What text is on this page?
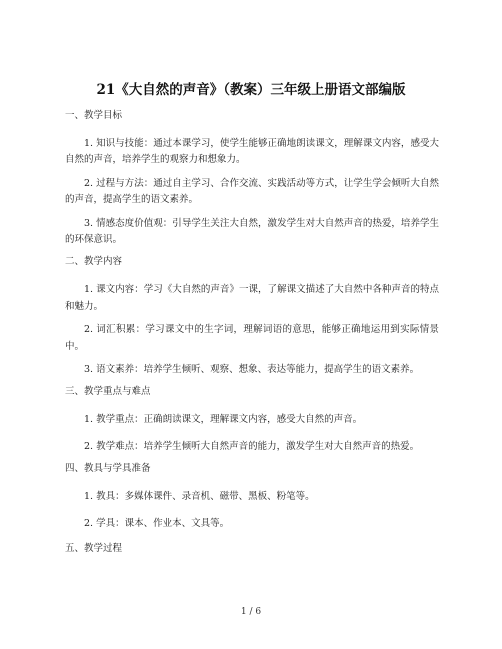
21《大自然的声音》（教案）三年级上册语文部编版
一、教学目标
1. 知识与技能：通过本课学习，使学生能够正确地朗读课文，理解课文内容，感受大自然的声音，培养学生的观察力和想象力。
2. 过程与方法：通过自主学习、合作交流、实践活动等方式，让学生学会倾听大自然的声音，提高学生的语文素养。
3. 情感态度价值观：引导学生关注大自然，激发学生对大自然声音的热爱，培养学生的环保意识。
二、教学内容
1. 课文内容：学习《大自然的声音》一课，了解课文描述了大自然中各种声音的特点和魅力。
2. 词汇积累：学习课文中的生字词，理解词语的意思，能够正确地运用到实际情景中。
3. 语文素养：培养学生倾听、观察、想象、表达等能力，提高学生的语文素养。
三、教学重点与难点
1. 教学重点：正确朗读课文，理解课文内容，感受大自然的声音。
2. 教学难点：培养学生倾听大自然声音的能力，激发学生对大自然声音的热爱。
四、教具与学具准备
1. 教具：多媒体课件、录音机、磁带、黑板、粉笔等。
2. 学具：课本、作业本、文具等。
五、教学过程
1 / 6
